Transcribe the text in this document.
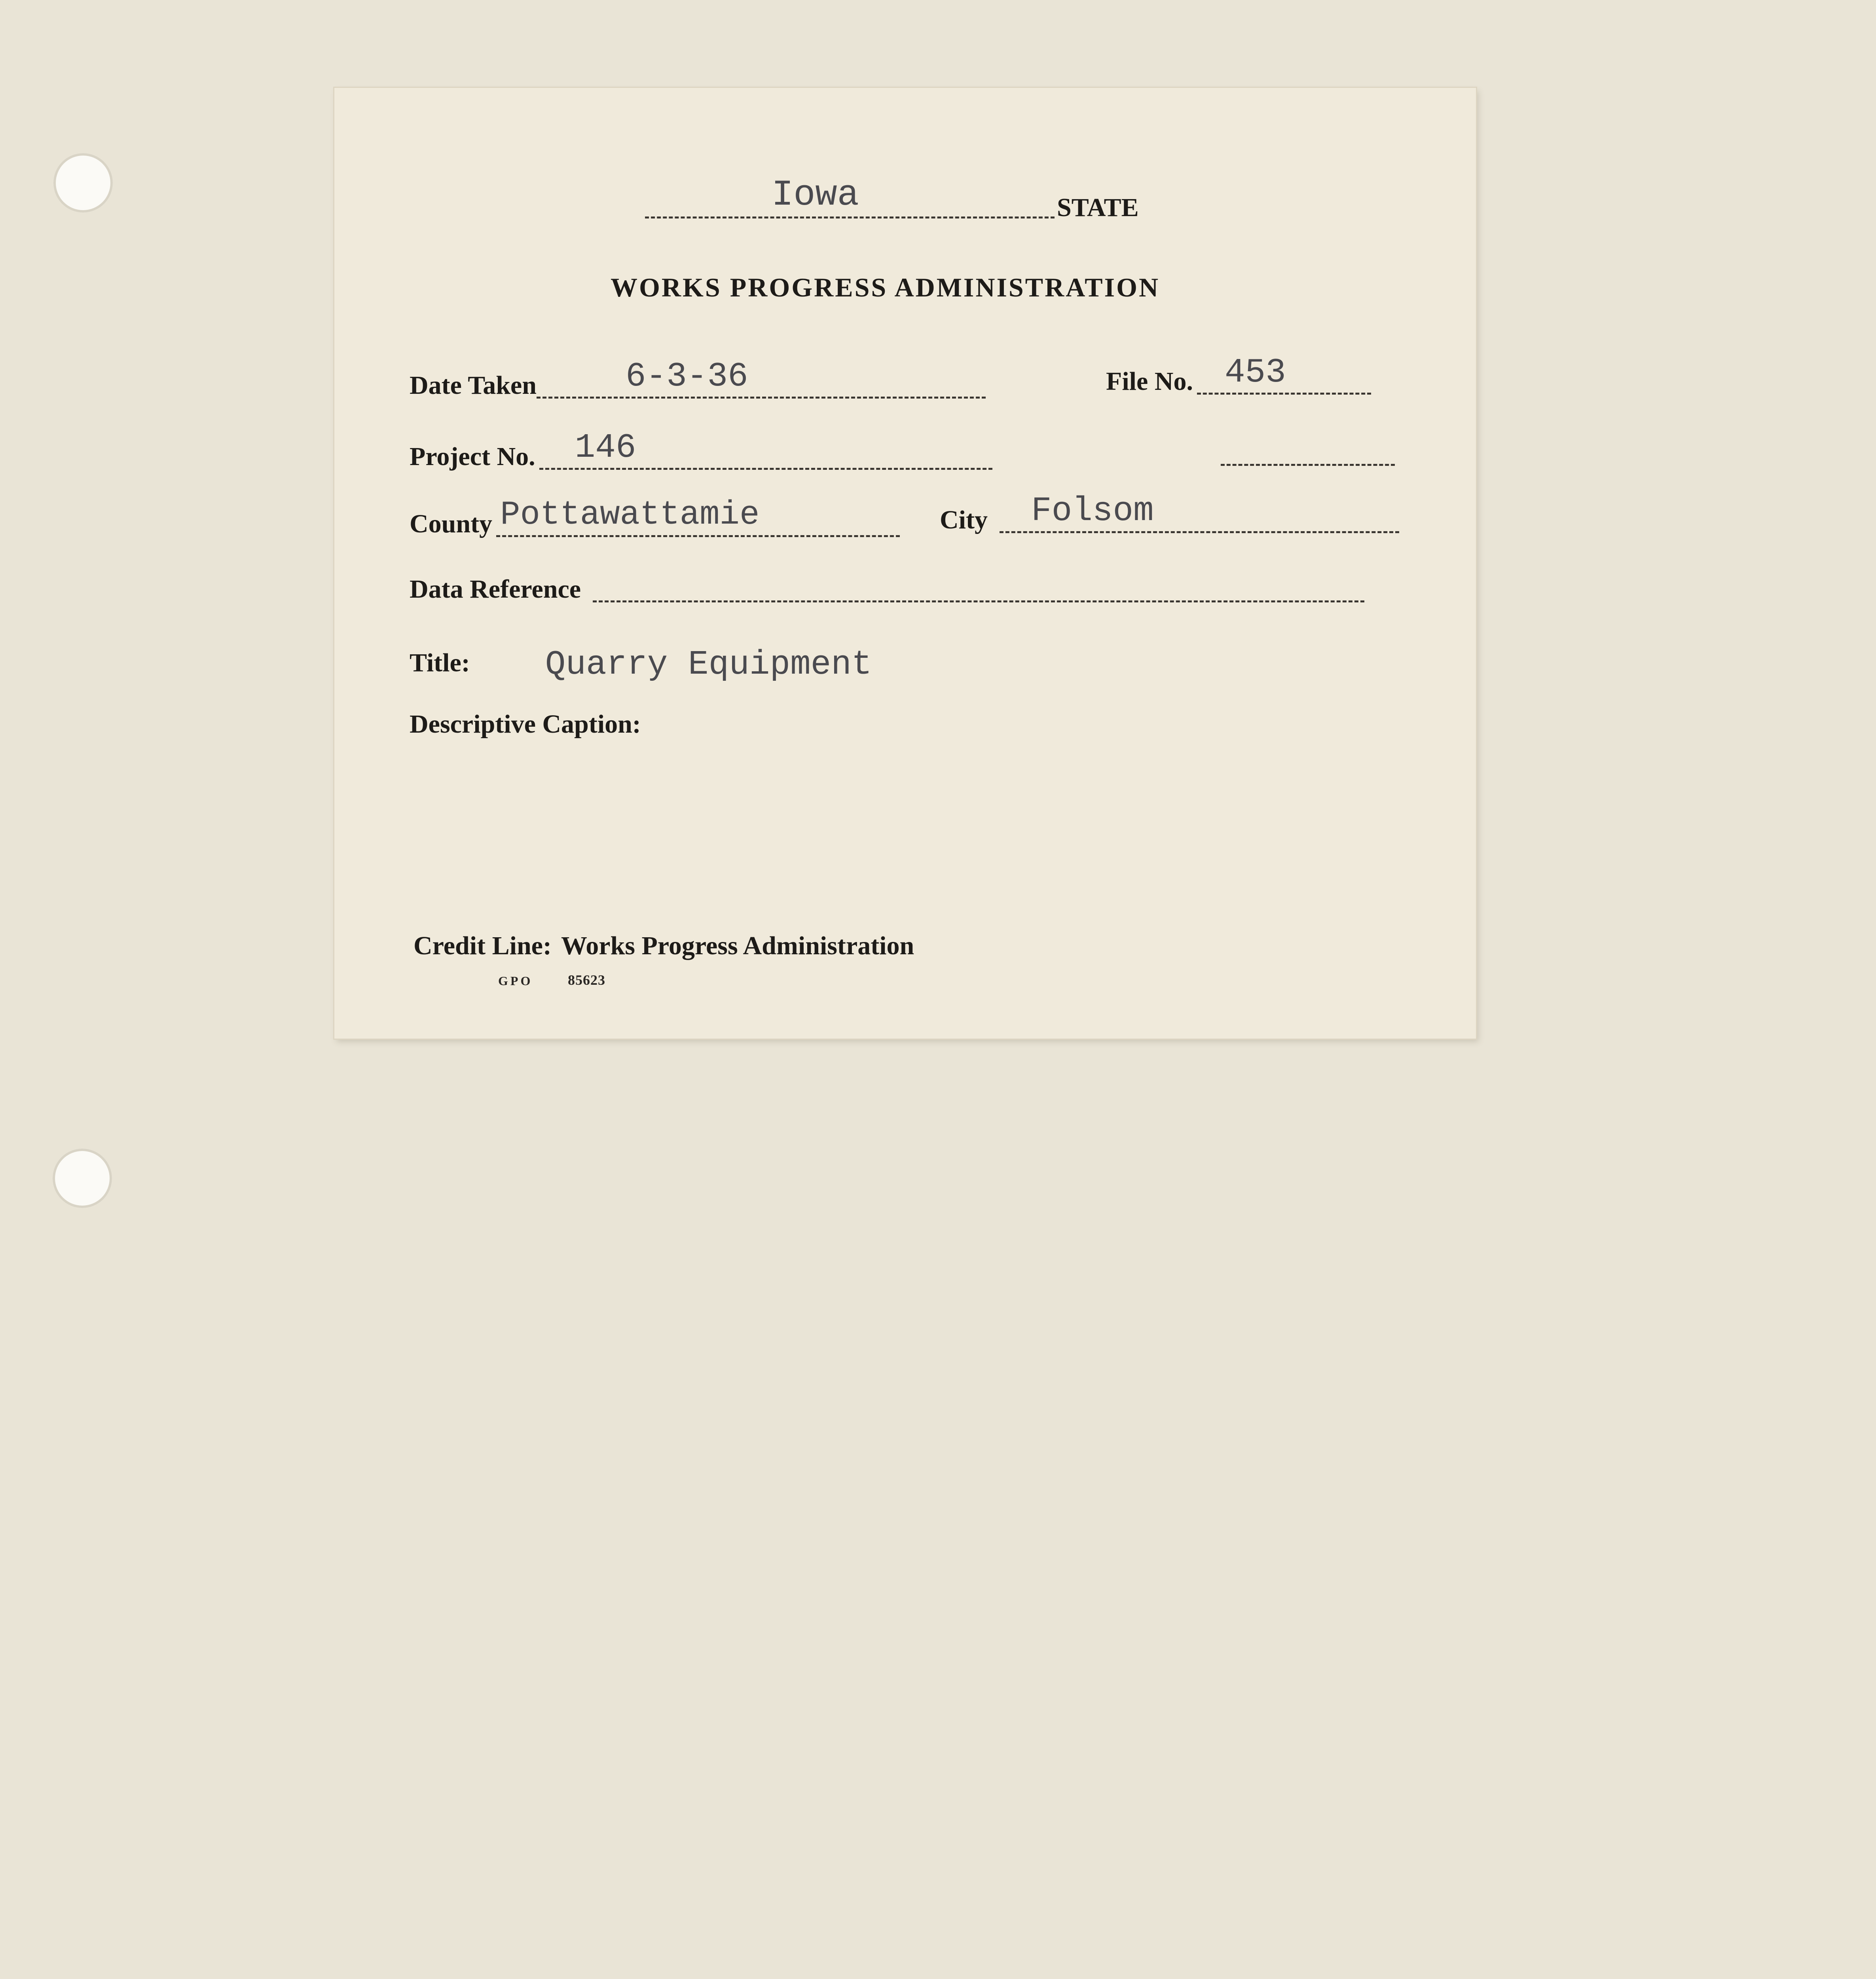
Iowa	STATE
WORKS PROGRESS ADMINISTRATION
Date Taken	6-3-36	File No. 453
Project No. 146
County Pottawattamie	City Folsom
Data Reference
Title: Quarry Equipment
Descriptive Caption:
Credit Line: Works Progress Administration
GPO 85623
